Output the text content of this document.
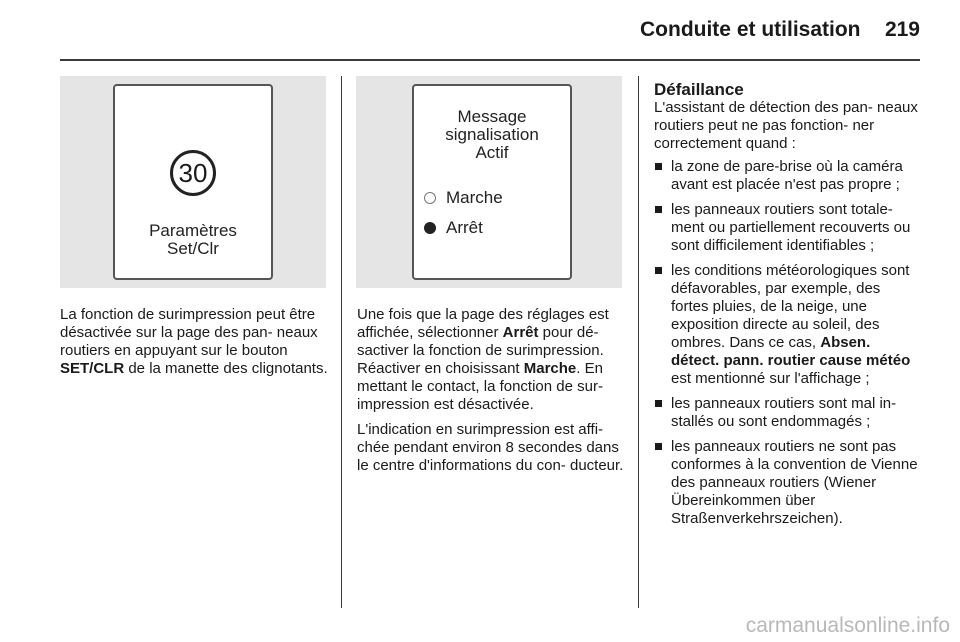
Conduite et utilisation 219
30
Paramètres
Set/Clr
Message
signalisation
Actif
Marche
Arrêt

La fonction de surimpression peut être désactivée sur la page des pan- neaux routiers en appuyant sur le bouton SET/CLR de la manette des clignotants.

Une fois que la page des réglages est affichée, sélectionner Arrêt pour dé- sactiver la fonction de surimpression. Réactiver en choisissant Marche. En mettant le contact, la fonction de sur- impression est désactivée.

L'indication en surimpression est affi- chée pendant environ 8 secondes dans le centre d'informations du con- ducteur.

Défaillance
L'assistant de détection des pan- neaux routiers peut ne pas fonction- ner correctement quand :
la zone de pare-brise où la caméra avant est placée n'est pas propre ;
les panneaux routiers sont totale- ment ou partiellement recouverts ou sont difficilement identifiables ;
les conditions météorologiques sont défavorables, par exemple, des fortes pluies, de la neige, une exposition directe au soleil, des ombres. Dans ce cas, Absen. détect. pann. routier cause météo est mentionné sur l'affichage ;
les panneaux routiers sont mal in- stallés ou sont endommagés ;
les panneaux routiers ne sont pas conformes à la convention de Vienne des panneaux routiers (Wiener Übereinkommen über Straßenverkehrszeichen).
carmanualsonline.info
